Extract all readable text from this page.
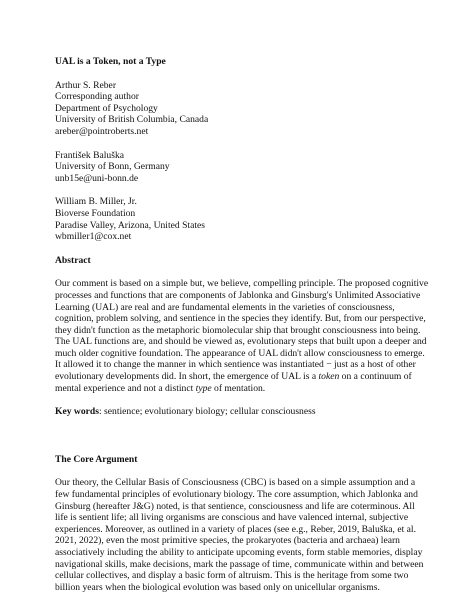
UAL is a Token, not a Type
Arthur S. Reber
Corresponding author
Department of Psychology
University of British Columbia, Canada
areber@pointroberts.net
František Baluška
University of Bonn, Germany
unb15e@uni-bonn.de
William B. Miller, Jr.
Bioverse Foundation
Paradise Valley, Arizona, United States
wbmiller1@cox.net
Abstract
Our comment is based on a simple but, we believe, compelling principle. The proposed cognitive
processes and functions that are components of Jablonka and Ginsburg's Unlimited Associative
Learning (UAL) are real and are fundamental elements in the varieties of consciousness,
cognition, problem solving, and sentience in the species they identify. But, from our perspective,
they didn't function as the metaphoric biomolecular ship that brought consciousness into being.
The UAL functions are, and should be viewed as, evolutionary steps that built upon a deeper and
much older cognitive foundation. The appearance of UAL didn't allow consciousness to emerge.
It allowed it to change the manner in which sentience was instantiated − just as a host of other
evolutionary developments did. In short, the emergence of UAL is a token on a continuum of
mental experience and not a distinct type of mentation.
Key words: sentience; evolutionary biology; cellular consciousness
The Core Argument
Our theory, the Cellular Basis of Consciousness (CBC) is based on a simple assumption and a
few fundamental principles of evolutionary biology. The core assumption, which Jablonka and
Ginsburg (hereafter J&G) noted, is that sentience, consciousness and life are coterminous. All
life is sentient life; all living organisms are conscious and have valenced internal, subjective
experiences. Moreover, as outlined in a variety of places (see e.g., Reber, 2019, Baluška, et al.
2021, 2022), even the most primitive species, the prokaryotes (bacteria and archaea) learn
associatively including the ability to anticipate upcoming events, form stable memories, display
navigational skills, make decisions, mark the passage of time, communicate within and between
cellular collectives, and display a basic form of altruism. This is the heritage from some two
billion years when the biological evolution was based only on unicellular organisms.
